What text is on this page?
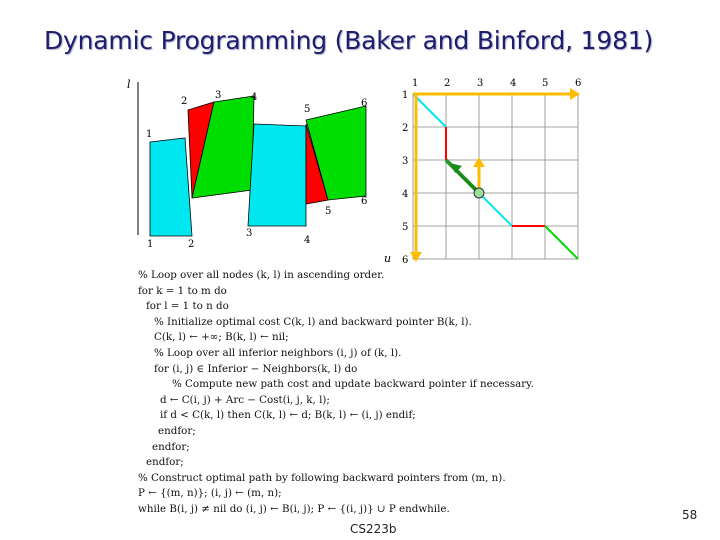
Dynamic Programming (Baker and Binford, 1981)
l
2
3	4
5
6
1
6
1	2
3
4
5
u
1	2	3	4	5	6
1
2
3
4
5
6
% Loop over all nodes (k, l) in ascending order.
for k = 1 to m do
for l = 1 to n do
% Initialize optimal cost C(k, l) and backward pointer B(k, l).
C(k, l) ← +∞; B(k, l) ← nil;
% Loop over all inferior neighbors (i, j) of (k, l).
for (i, j) ∈ Inferior − Neighbors(k, l) do
% Compute new path cost and update backward pointer if necessary.
d ← C(i, j) + Arc − Cost(i, j, k, l);
if d < C(k, l) then C(k, l) ← d; B(k, l) ← (i, j) endif;
endfor;
endfor;
endfor;
% Construct optimal path by following backward pointers from (m, n).
P ← {(m, n)}; (i, j) ← (m, n);
while B(i, j) ≠ nil do (i, j) ← B(i, j); P ← {(i, j)} ∪ P endwhile.
CS223b
58
